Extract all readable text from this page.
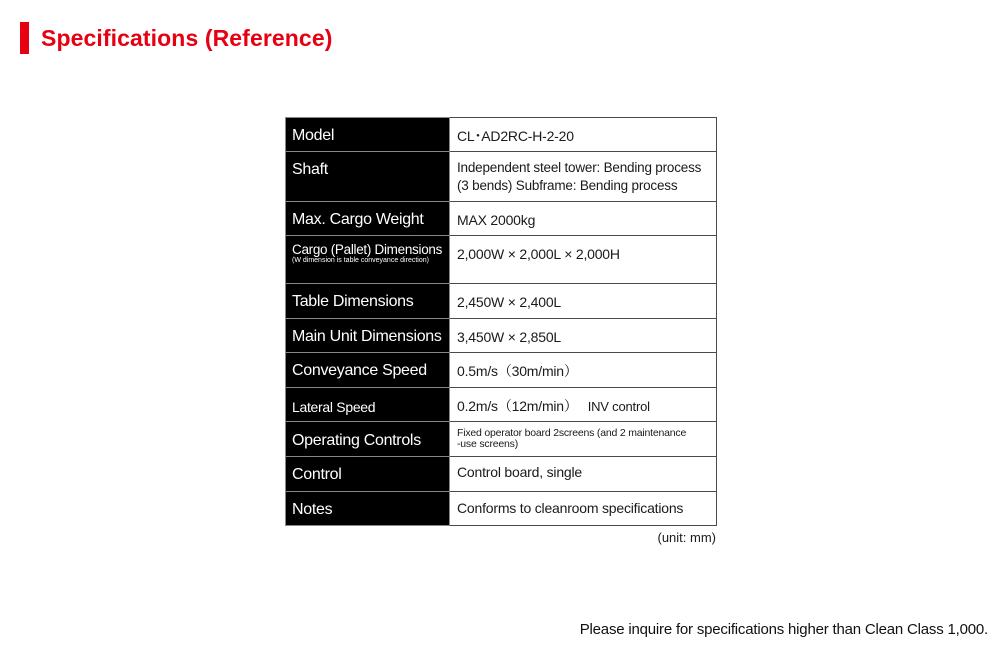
Specifications (Reference)
Model	CL･AD2RC-H-2-20

Shaft	Independent steel tower: Bending process
(3 bends) Subframe: Bending process

Max. Cargo Weight	MAX 2000kg

Cargo (Pallet) Dimensions
(W dimension is table conveyance direction)	2,000W × 2,000L × 2,000H

Table Dimensions	2,450W × 2,400L

Main Unit Dimensions	3,450W × 2,850L

Conveyance Speed	0.5m/s（30m/min）

Lateral Speed	0.2m/s（12m/min） INV control

Operating Controls	Fixed operator board 2screens (and 2 maintenance
-use screens)

Control	Control board, single

Notes	Conforms to cleanroom specifications
(unit: mm)
Please inquire for specifications higher than Clean Class 1,000.
